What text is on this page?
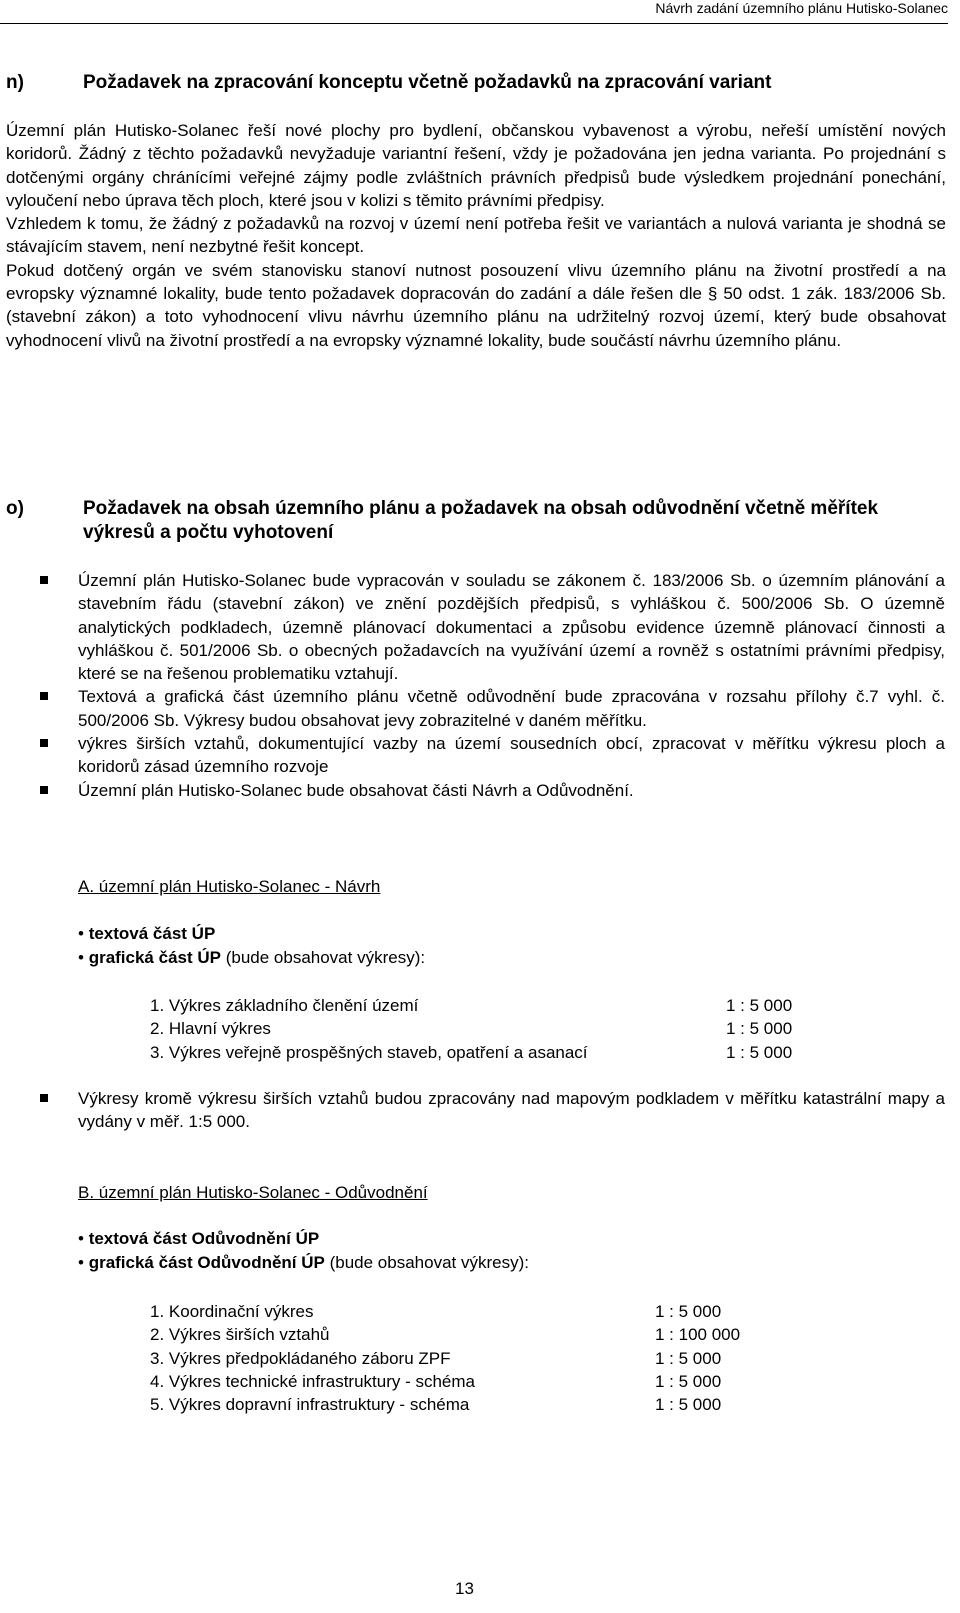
Návrh zadání územního plánu Hutisko-Solanec
n)	Požadavek na zpracování konceptu včetně požadavků na zpracování variant

Územní plán Hutisko-Solanec řeší nové plochy pro bydlení, občanskou vybavenost a výrobu, neřeší umístění nových koridorů. Žádný z těchto požadavků nevyžaduje variantní řešení, vždy je požadována jen jedna varianta. Po projednání s dotčenými orgány chránícími veřejné zájmy podle zvláštních právních předpisů bude výsledkem projednání ponechání, vyloučení nebo úprava těch ploch, které jsou v kolizi s těmito právními předpisy.

Vzhledem k tomu, že žádný z požadavků na rozvoj v území není potřeba řešit ve variantách a nulová varianta je shodná se stávajícím stavem, není nezbytné řešit koncept.

Pokud dotčený orgán ve svém stanovisku stanoví nutnost posouzení vlivu územního plánu na životní prostředí a na evropsky významné lokality, bude tento požadavek dopracován do zadání a dále řešen dle § 50 odst. 1 zák. 183/2006 Sb. (stavební zákon) a toto vyhodnocení vlivu návrhu územního plánu na udržitelný rozvoj území, který bude obsahovat vyhodnocení vlivů na životní prostředí a na evropsky významné lokality, bude součástí návrhu územního plánu.

o)	Požadavek na obsah územního plánu a požadavek na obsah odůvodnění včetně měřítek výkresů a počtu vyhotovení
Územní plán Hutisko-Solanec bude vypracován v souladu se zákonem č. 183/2006 Sb. o územním plánování a stavebním řádu (stavební zákon) ve znění pozdějších předpisů, s vyhláškou č. 500/2006 Sb. O územně analytických podkladech, územně plánovací dokumentaci a způsobu evidence územně plánovací činnosti a vyhláškou č. 501/2006 Sb. o obecných požadavcích na využívání území a rovněž s ostatními právními předpisy, které se na řešenou problematiku vztahují.
Textová a grafická část územního plánu včetně odůvodnění bude zpracována v rozsahu přílohy č.7 vyhl. č. 500/2006 Sb. Výkresy budou obsahovat jevy zobrazitelné v daném měřítku.
výkres širších vztahů, dokumentující vazby na území sousedních obcí, zpracovat v měřítku výkresu ploch a koridorů zásad územního rozvoje
Územní plán Hutisko-Solanec bude obsahovat části Návrh a Odůvodnění.
A. územní plán Hutisko-Solanec - Návrh
• textová část ÚP
• grafická část ÚP (bude obsahovat výkresy):
1. Výkres základního členění území	1 : 5 000
2. Hlavní výkres	1 : 5 000
3. Výkres veřejně prospěšných staveb, opatření a asanací	1 : 5 000
Výkresy kromě výkresu širších vztahů budou zpracovány nad mapovým podkladem v měřítku katastrální mapy a vydány v měř. 1:5 000.
B. územní plán Hutisko-Solanec - Odůvodnění
• textová část Odůvodnění ÚP
• grafická část Odůvodnění ÚP (bude obsahovat výkresy):
1. Koordinační výkres	1 : 5 000
2. Výkres širších vztahů	1 : 100 000
3. Výkres předpokládaného záboru ZPF	1 : 5 000
4. Výkres technické infrastruktury - schéma	1 : 5 000
5. Výkres dopravní infrastruktury - schéma	1 : 5 000
13
